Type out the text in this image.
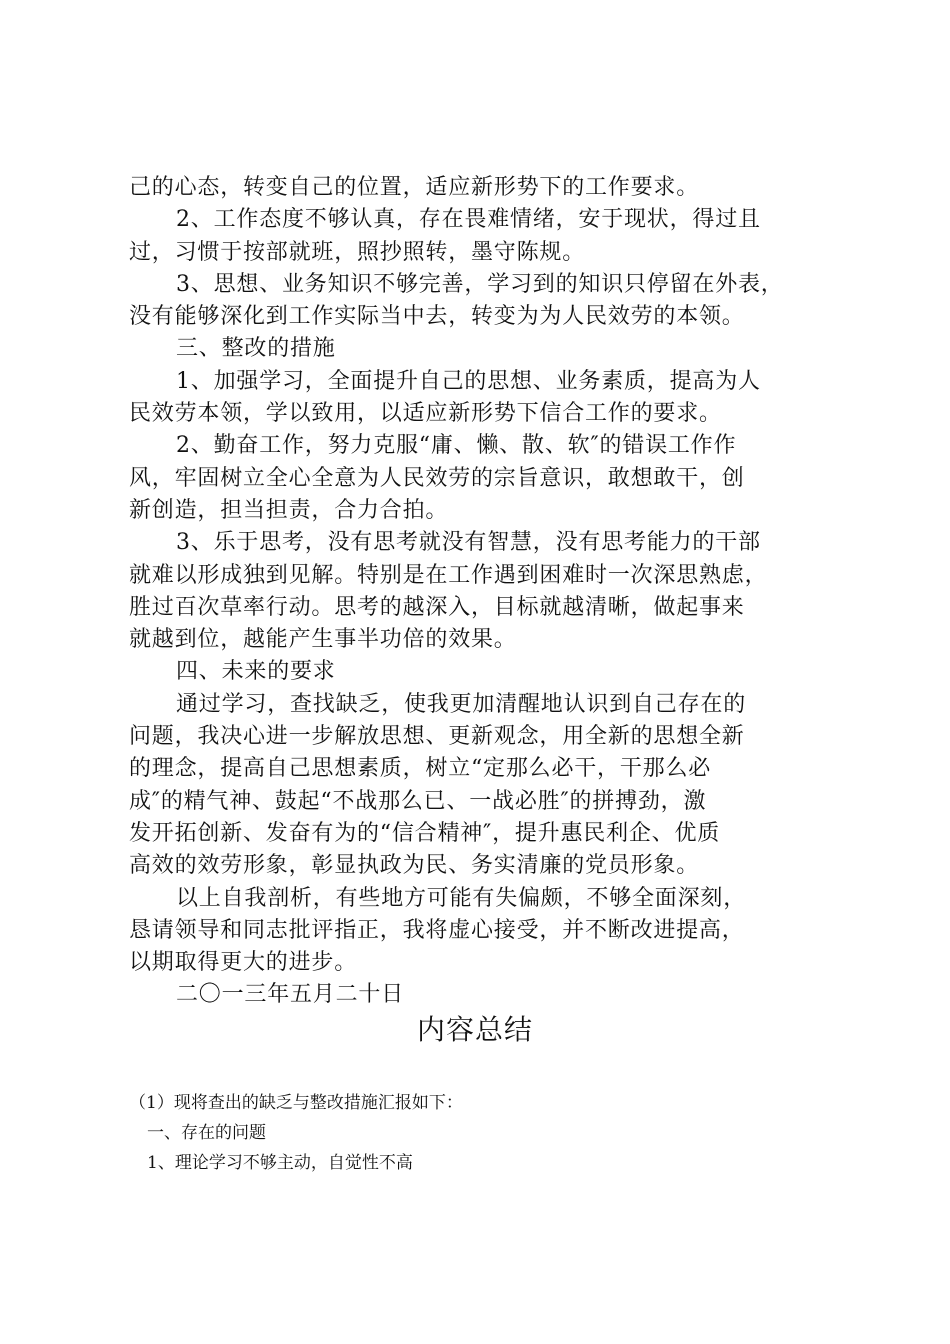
己的心态，转变自己的位置，适应新形势下的工作要求。
2、工作态度不够认真，存在畏难情绪，安于现状，得过且
过，习惯于按部就班，照抄照转，墨守陈规。
3、思想、业务知识不够完善，学习到的知识只停留在外表，
没有能够深化到工作实际当中去，转变为为人民效劳的本领。
三、整改的措施
1、加强学习，全面提升自己的思想、业务素质，提高为人
民效劳本领，学以致用，以适应新形势下信合工作的要求。
2、勤奋工作，努力克服“庸、懒、散、软″的错误工作作
风，牢固树立全心全意为人民效劳的宗旨意识，敢想敢干，创
新创造，担当担责，合力合拍。
3、乐于思考，没有思考就没有智慧，没有思考能力的干部
就难以形成独到见解。特别是在工作遇到困难时一次深思熟虑，
胜过百次草率行动。思考的越深入，目标就越清晰，做起事来
就越到位，越能产生事半功倍的效果。
四、未来的要求
通过学习，查找缺乏，使我更加清醒地认识到自己存在的
问题，我决心进一步解放思想、更新观念，用全新的思想全新
的理念，提高自己思想素质，树立“定那么必干，干那么必
成″的精气神、鼓起“不战那么已、一战必胜″的拼搏劲，激
发开拓创新、发奋有为的“信合精神″，提升惠民利企、优质
高效的效劳形象，彰显执政为民、务实清廉的党员形象。
以上自我剖析，有些地方可能有失偏颇，不够全面深刻，
恳请领导和同志批评指正，我将虚心接受，并不断改进提高，
以期取得更大的进步。
二〇一三年五月二十日
内容总结
（1）现将查出的缺乏与整改措施汇报如下：
一、存在的问题
1、理论学习不够主动，自觉性不高
